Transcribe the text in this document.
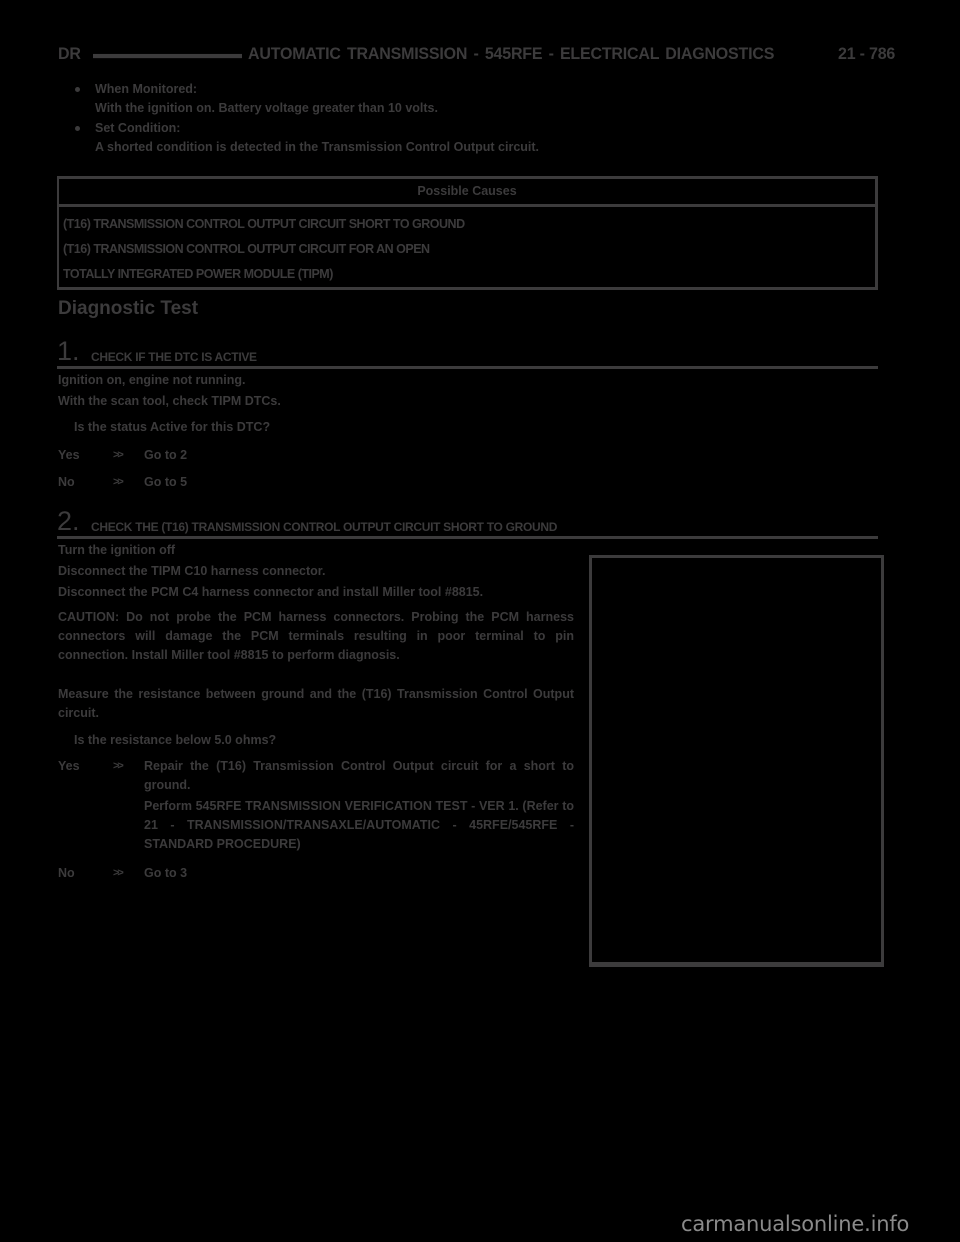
DR	AUTOMATIC TRANSMISSION - 545RFE - ELECTRICAL DIAGNOSTICS	21 - 786
When Monitored:
With the ignition on. Battery voltage greater than 10 volts.
Set Condition:
A shorted condition is detected in the Transmission Control Output circuit.
Possible Causes
(T16) TRANSMISSION CONTROL OUTPUT CIRCUIT SHORT TO GROUND
(T16) TRANSMISSION CONTROL OUTPUT CIRCUIT FOR AN OPEN
TOTALLY INTEGRATED POWER MODULE (TIPM)
Diagnostic Test
1. CHECK IF THE DTC IS ACTIVE
Ignition on, engine not running.
With the scan tool, check TIPM DTCs.
Is the status Active for this DTC?
Yes	>> Go to 2

No	>> Go to 5

2. CHECK THE (T16) TRANSMISSION CONTROL OUTPUT CIRCUIT SHORT TO GROUND
Turn the ignition off
Disconnect the TIPM C10 harness connector.
Disconnect the PCM C4 harness connector and install Miller tool #8815.
CAUTION: Do not probe the PCM harness connectors. Probing the PCM harness connectors will damage the PCM terminals resulting in poor terminal to pin connection. Install Miller tool #8815 to perform diagnosis.
Measure the resistance between ground and the (T16) Transmission Control Output circuit.
Is the resistance below 5.0 ohms?
Yes	>> Repair the (T16) Transmission Control Output circuit for a short to ground.

Perform 545RFE TRANSMISSION VERIFICATION TEST - VER 1. (Refer to 21 - TRANSMISSION/TRANSAXLE/AUTOMATIC - 45RFE/545RFE - STANDARD PROCEDURE)

No	>> Go to 3

carmanualsonline.info
